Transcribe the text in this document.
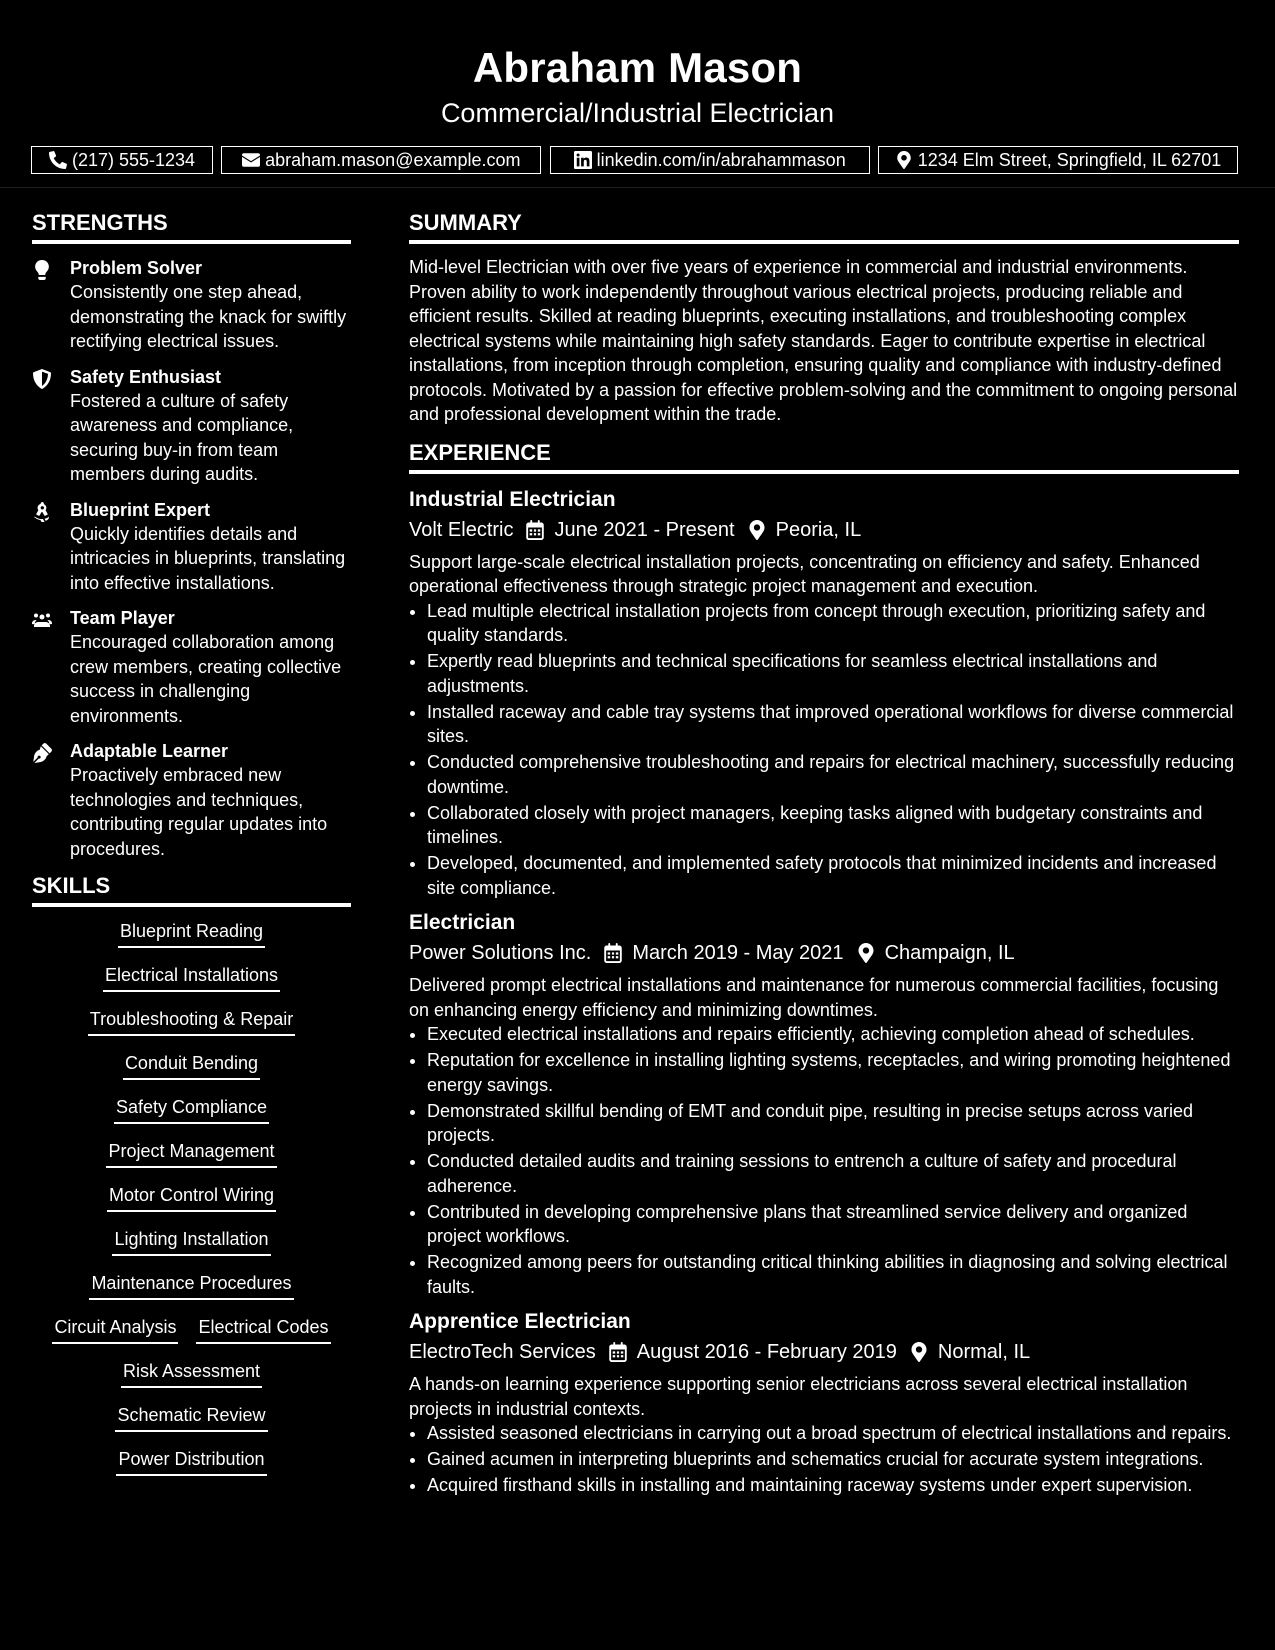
Abraham Mason
Commercial/Industrial Electrician
(217) 555-1234	abraham.mason@example.com	linkedin.com/in/abrahammason	1234 Elm Street, Springfield, IL 62701
STRENGTHS
Problem Solver
Consistently one step ahead, demonstrating the knack for swiftly rectifying electrical issues.
Safety Enthusiast
Fostered a culture of safety awareness and compliance, securing buy-in from team members during audits.
Blueprint Expert
Quickly identifies details and intricacies in blueprints, translating into effective installations.
Team Player
Encouraged collaboration among crew members, creating collective success in challenging environments.
Adaptable Learner
Proactively embraced new technologies and techniques, contributing regular updates into procedures.
SKILLS
Blueprint Reading
Electrical Installations
Troubleshooting & Repair
Conduit Bending
Safety Compliance
Project Management
Motor Control Wiring
Lighting Installation
Maintenance Procedures
Circuit Analysis Electrical Codes
Risk Assessment
Schematic Review
Power Distribution
SUMMARY
Mid-level Electrician with over five years of experience in commercial and industrial environments. Proven ability to work independently throughout various electrical projects, producing reliable and efficient results. Skilled at reading blueprints, executing installations, and troubleshooting complex electrical systems while maintaining high safety standards. Eager to contribute expertise in electrical installations, from inception through completion, ensuring quality and compliance with industry-defined protocols. Motivated by a passion for effective problem-solving and the commitment to ongoing personal and professional development within the trade.
EXPERIENCE
Industrial Electrician
Volt Electric June 2021 - Present Peoria, IL
Support large-scale electrical installation projects, concentrating on efficiency and safety. Enhanced operational effectiveness through strategic project management and execution.
• Lead multiple electrical installation projects from concept through execution, prioritizing safety and quality standards.
• Expertly read blueprints and technical specifications for seamless electrical installations and adjustments.
• Installed raceway and cable tray systems that improved operational workflows for diverse commercial sites.
• Conducted comprehensive troubleshooting and repairs for electrical machinery, successfully reducing downtime.
• Collaborated closely with project managers, keeping tasks aligned with budgetary constraints and timelines.
• Developed, documented, and implemented safety protocols that minimized incidents and increased site compliance.
Electrician
Power Solutions Inc. March 2019 - May 2021 Champaign, IL
Delivered prompt electrical installations and maintenance for numerous commercial facilities, focusing on enhancing energy efficiency and minimizing downtimes.
• Executed electrical installations and repairs efficiently, achieving completion ahead of schedules.
• Reputation for excellence in installing lighting systems, receptacles, and wiring promoting heightened energy savings.
• Demonstrated skillful bending of EMT and conduit pipe, resulting in precise setups across varied projects.
• Conducted detailed audits and training sessions to entrench a culture of safety and procedural adherence.
• Contributed in developing comprehensive plans that streamlined service delivery and organized project workflows.
• Recognized among peers for outstanding critical thinking abilities in diagnosing and solving electrical faults.
Apprentice Electrician
ElectroTech Services August 2016 - February 2019 Normal, IL
A hands-on learning experience supporting senior electricians across several electrical installation projects in industrial contexts.
• Assisted seasoned electricians in carrying out a broad spectrum of electrical installations and repairs.
• Gained acumen in interpreting blueprints and schematics crucial for accurate system integrations.
• Acquired firsthand skills in installing and maintaining raceway systems under expert supervision.
